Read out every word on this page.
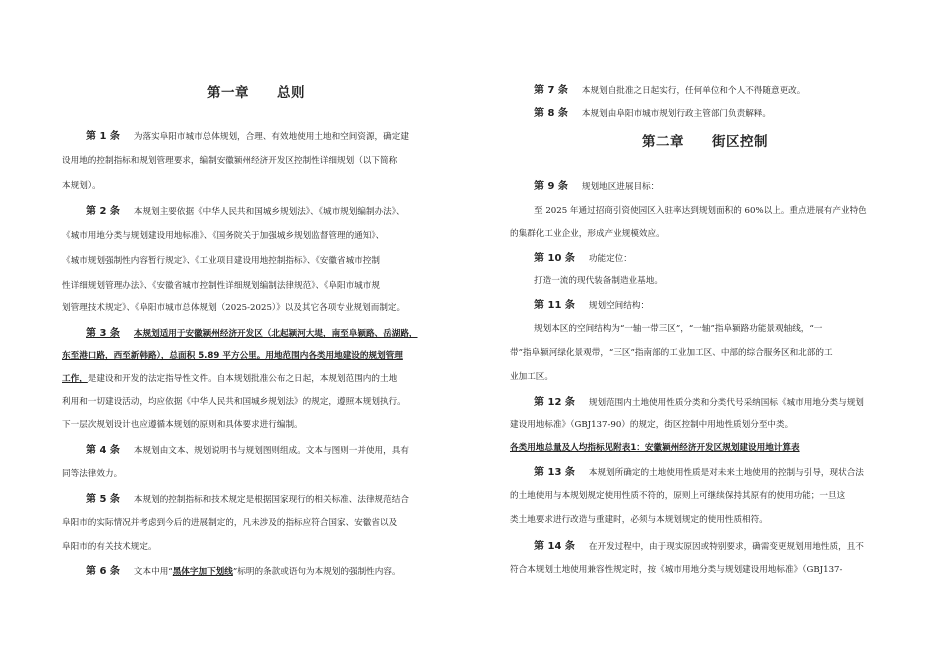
第一章　　总则
第 1 条 为落实阜阳市城市总体规划，合理、有效地使用土地和空间资源，确定建
设用地的控制指标和规划管理要求，编制安徽颍州经济开发区控制性详细规划（以下简称
本规划）。
第 2 条 本规划主要依据《中华人民共和国城乡规划法》、《城市规划编制办法》、
《城市用地分类与规划建设用地标准》、《国务院关于加强城乡规划监督管理的通知》、
《城市规划强制性内容暂行规定》、《工业项目建设用地控制指标》、《安徽省城市控制
性详细规划管理办法》、《安徽省城市控制性详细规划编制法律规范》、《阜阳市城市规
划管理技术规定》、《阜阳市城市总体规划（2025-2025）》以及其它各项专业规划而制定。
第 3 条 本规划适用于安徽颍州经济开发区（北起颍河大堤，南至阜颖路、岳湖路，
东至港口路，西至新韩路），总面积 5.89 平方公里。用地范围内各类用地建设的规划管理
工作，是建设和开发的法定指导性文件。自本规划批准公布之日起，本规划范围内的土地
利用和一切建设活动，均应依据《中华人民共和国城乡规划法》的规定，遵照本规划执行。
下一层次规划设计也应遵循本规划的原则和具体要求进行编制。
第 4 条 本规划由文本、规划说明书与规划图则组成。文本与图则一并使用，具有
同等法律效力。
第 5 条 本规划的控制指标和技术规定是根据国家现行的相关标准、法律规范结合
阜阳市的实际情况并考虑到今后的进展制定的，凡未涉及的指标应符合国家、安徽省以及
阜阳市的有关技术规定。
第 6 条 文本中用“黑体字加下划线”标明的条款或语句为本规划的强制性内容。
第 7 条 本规划自批准之日起实行，任何单位和个人不得随意更改。
第 8 条 本规划由阜阳市城市规划行政主管部门负责解释。
第二章　　街区控制
第 9 条 规划地区进展目标：
至 2025 年通过招商引资使园区入驻率达到规划面积的 60%以上。重点进展有产业特色
的集群化工业企业，形成产业规模效应。
第 10 条 功能定位：
打造一流的现代装备制造业基地。
第 11 条 规划空间结构：
规划本区的空间结构为“一轴一带三区”，“一轴”指阜颍路功能景观轴线，“一
带”指阜颍河绿化景观带，“三区”指南部的工业加工区、中部的综合服务区和北部的工
业加工区。
第 12 条 规划范围内土地使用性质分类和分类代号采纳国标《城市用地分类与规划
建设用地标准》（GBJ137-90）的规定，街区控制中用地性质划分至中类。
各类用地总量及人均指标见附表1：安徽颍州经济开发区规划建设用地计算表
第 13 条 本规划所确定的土地使用性质是对未来土地使用的控制与引导，现状合法
的土地使用与本规划规定使用性质不符的，原则上可继续保持其原有的使用功能；一旦这
类土地要求进行改造与重建时，必须与本规划规定的使用性质相符。
第 14 条 在开发过程中，由于现实原因或特别要求，确需变更规划用地性质，且不
符合本规划土地使用兼容性规定时，按《城市用地分类与规划建设用地标准》（GBJ137-
